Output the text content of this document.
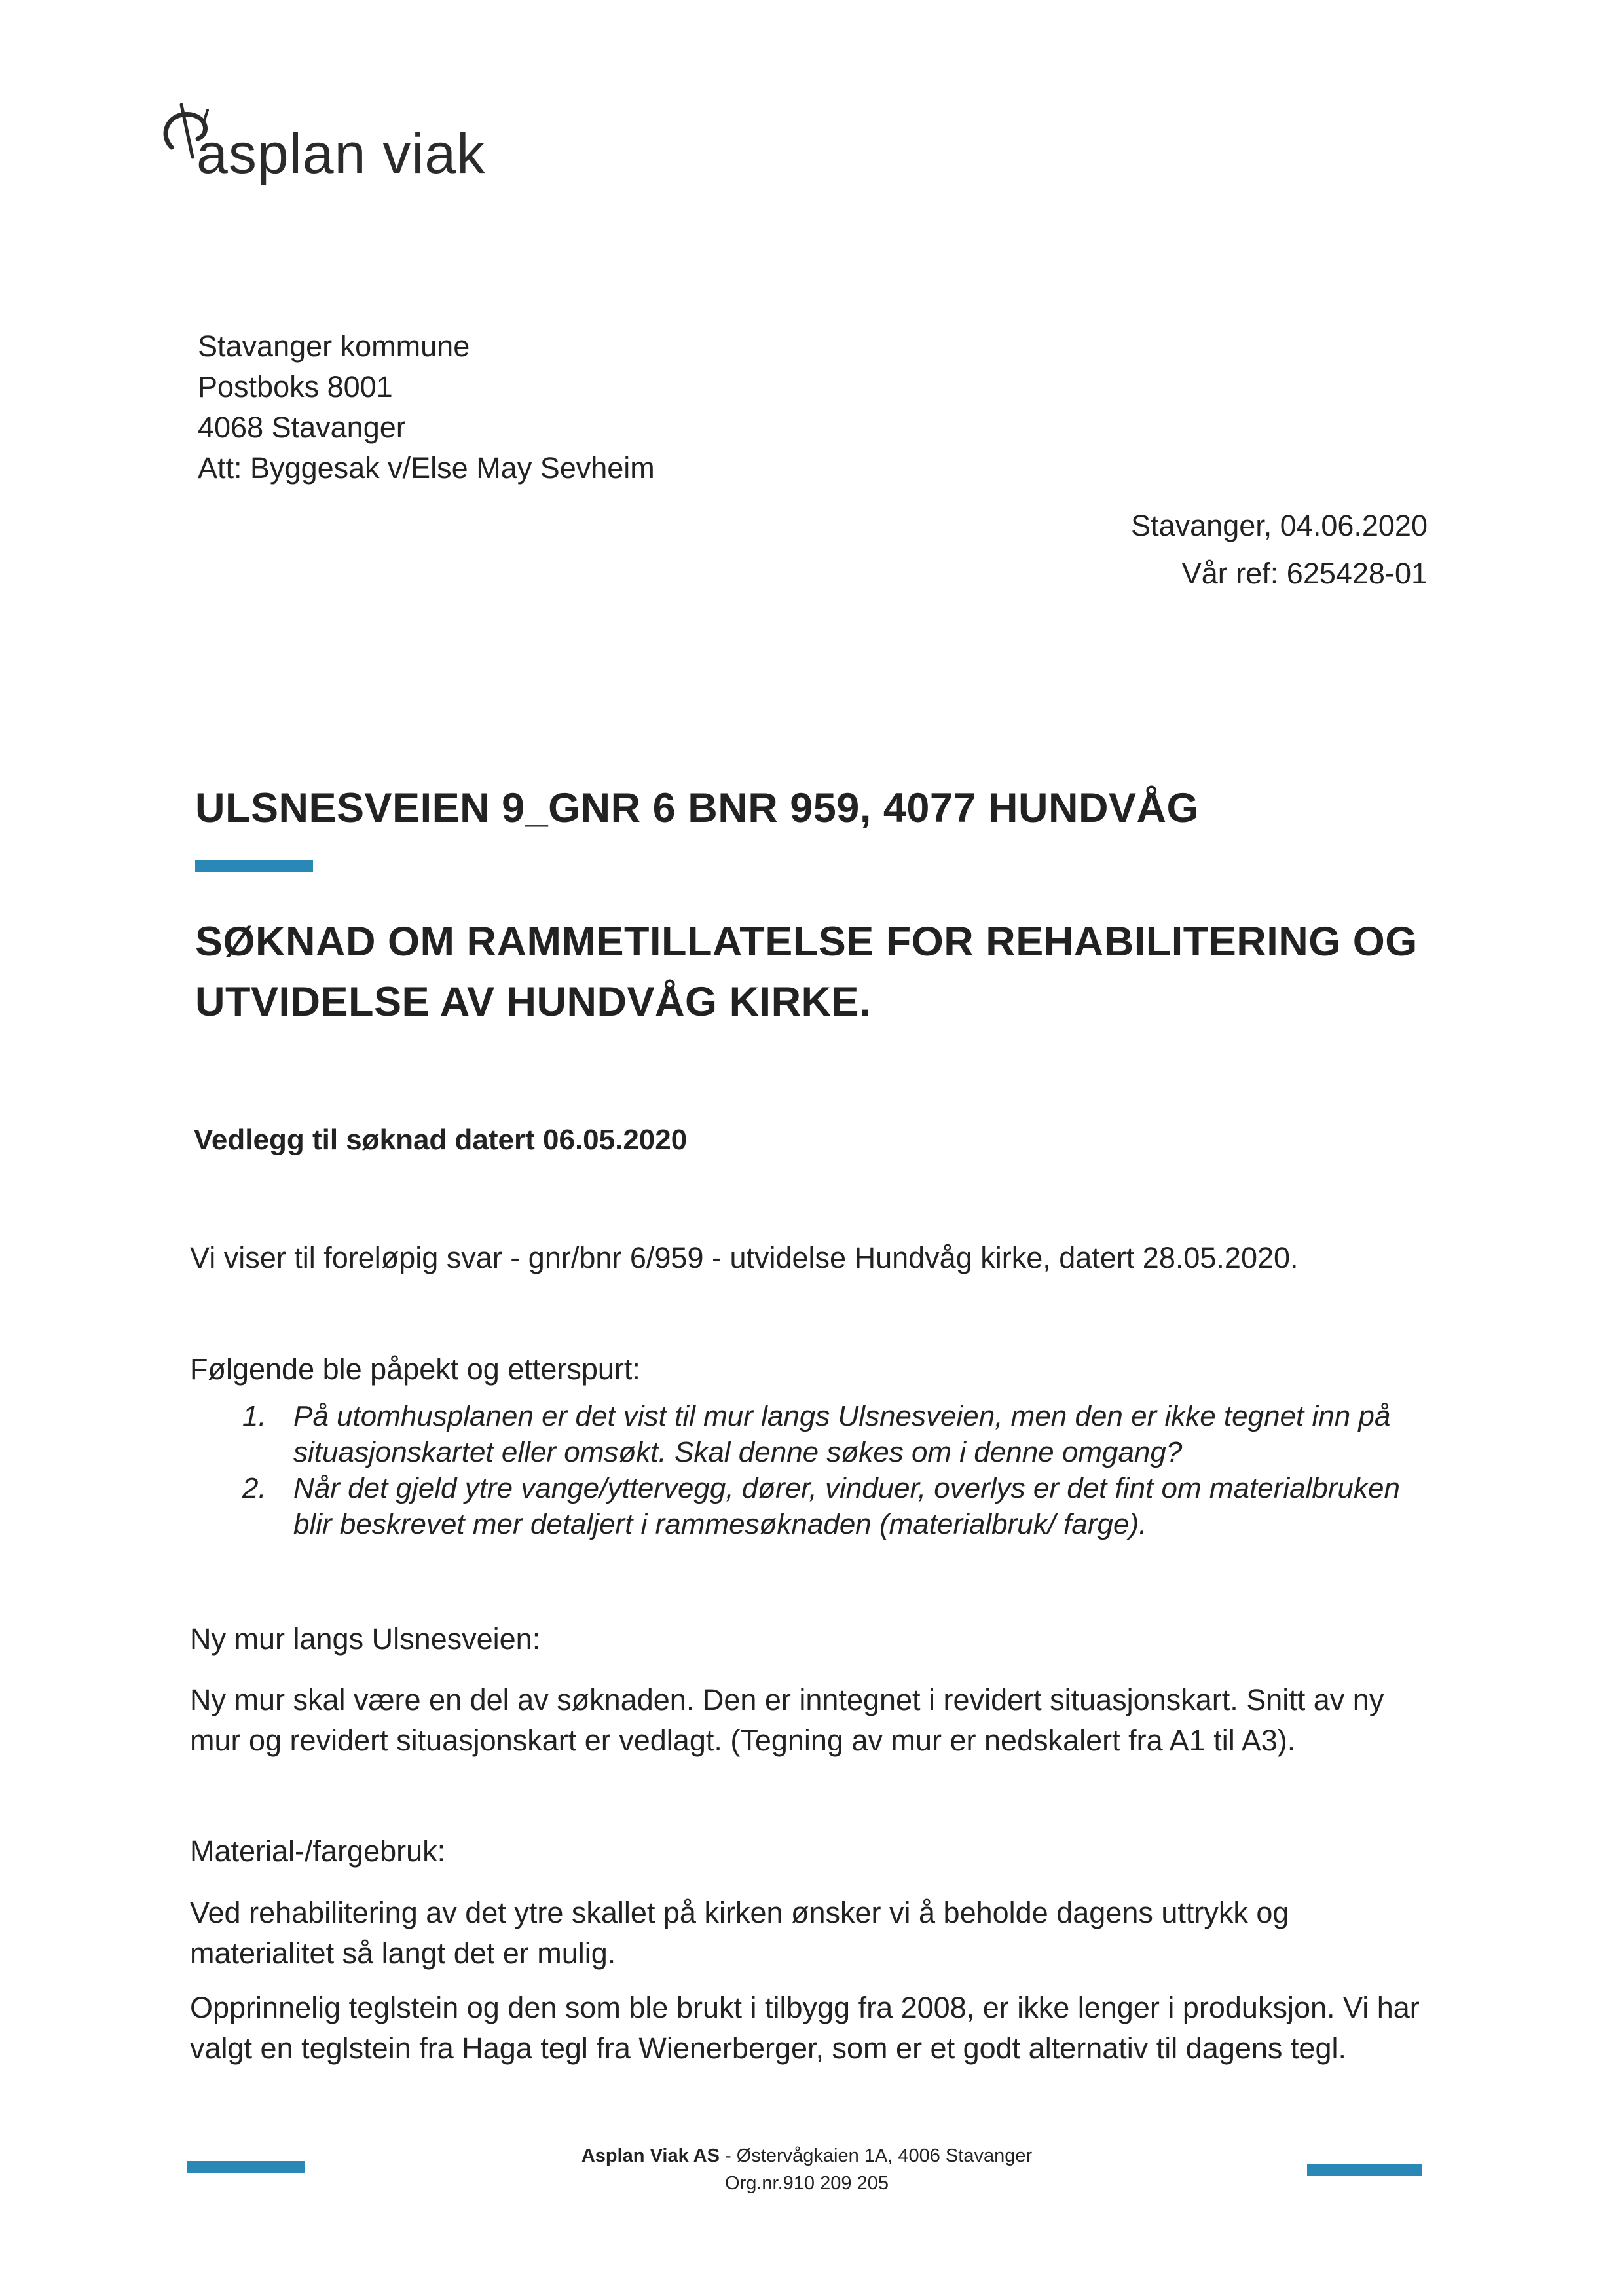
asplan viak
Stavanger kommune
Postboks 8001
4068 Stavanger
Att: Byggesak v/Else May Sevheim
Stavanger, 04.06.2020
Vår ref: 625428-01
ULSNESVEIEN 9_GNR 6 BNR 959, 4077 HUNDVÅG
SØKNAD OM RAMMETILLATELSE FOR REHABILITERING OG
UTVIDELSE AV HUNDVÅG KIRKE.
Vedlegg til søknad datert 06.05.2020
Vi viser til foreløpig svar - gnr/bnr 6/959 - utvidelse Hundvåg kirke, datert 28.05.2020.
Følgende ble påpekt og etterspurt:
1. På utomhusplanen er det vist til mur langs Ulsnesveien, men den er ikke tegnet inn på situasjonskartet eller omsøkt. Skal denne søkes om i denne omgang?
2. Når det gjeld ytre vange/yttervegg, dører, vinduer, overlys er det fint om materialbruken blir beskrevet mer detaljert i rammesøknaden (materialbruk/ farge).
Ny mur langs Ulsnesveien:
Ny mur skal være en del av søknaden. Den er inntegnet i revidert situasjonskart. Snitt av ny mur og revidert situasjonskart er vedlagt. (Tegning av mur er nedskalert fra A1 til A3).
Material-/fargebruk:
Ved rehabilitering av det ytre skallet på kirken ønsker vi å beholde dagens uttrykk og materialitet så langt det er mulig.
Opprinnelig teglstein og den som ble brukt i tilbygg fra 2008, er ikke lenger i produksjon. Vi har valgt en teglstein fra Haga tegl fra Wienerberger, som er et godt alternativ til dagens tegl.
Asplan Viak AS - Østervågkaien 1A, 4006 Stavanger
Org.nr.910 209 205
